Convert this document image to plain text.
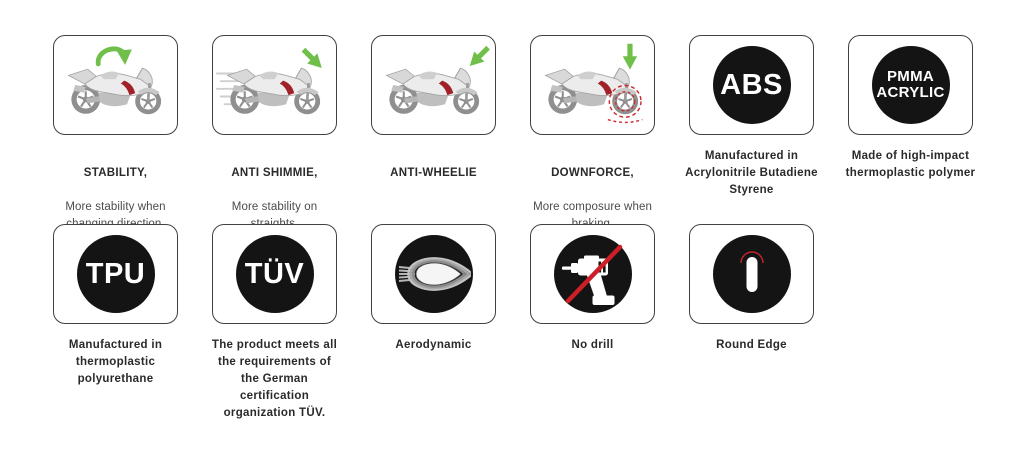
STABILITY,

More stability when

ANTI SHIMMIE,

More stability on

ANTI-WHEELIE	DOWNFORCE,

More composure when

ABS
Manufactured in
Acrylonitrile Butadiene
Styrene
PMMA
ACRYLIC
Made of high-impact
thermoplastic polymer
TPU
Manufactured in
thermoplastic
polyurethane
TÜV
The product meets all
the requirements of
the German
certification
organization TÜV.
Aerodynamic	No drill	Round Edge
